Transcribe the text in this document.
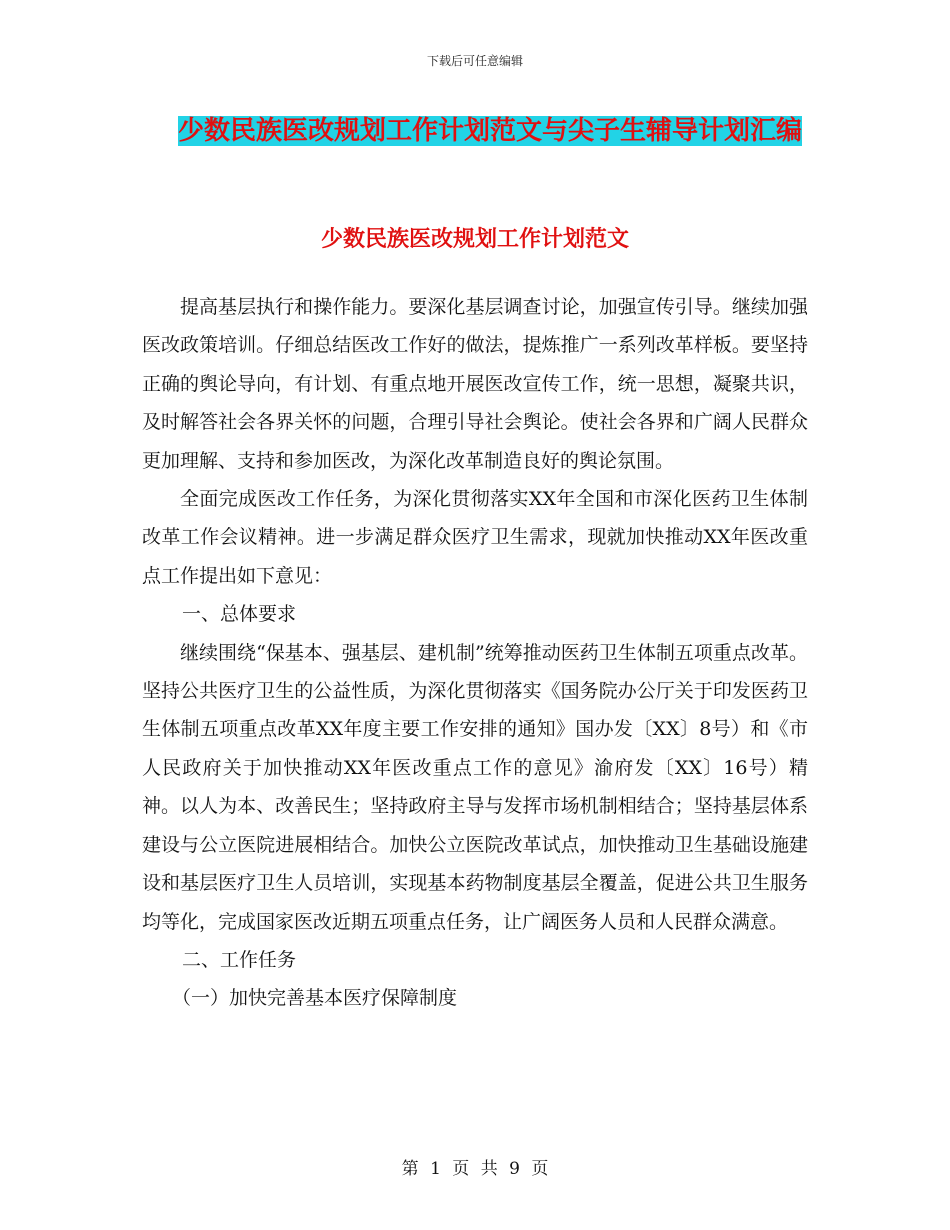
下载后可任意编辑
少数民族医改规划工作计划范文与尖子生辅导计划汇编
少数民族医改规划工作计划范文

提高基层执行和操作能力。要深化基层调查讨论，加强宣传引导。继续加强医改政策培训。仔细总结医改工作好的做法，提炼推广一系列改革样板。要坚持正确的舆论导向，有计划、有重点地开展医改宣传工作，统一思想，凝聚共识，及时解答社会各界关怀的问题，合理引导社会舆论。使社会各界和广阔人民群众更加理解、支持和参加医改，为深化改革制造良好的舆论氛围。

全面完成医改工作任务，为深化贯彻落实XX年全国和市深化医药卫生体制改革工作会议精神。进一步满足群众医疗卫生需求，现就加快推动XX年医改重点工作提出如下意见：

一、总体要求

继续围绕“保基本、强基层、建机制”统筹推动医药卫生体制五项重点改革。坚持公共医疗卫生的公益性质，为深化贯彻落实《国务院办公厅关于印发医药卫生体制五项重点改革XX年度主要工作安排的通知》国办发〔XX〕8号）和《市人民政府关于加快推动XX年医改重点工作的意见》渝府发〔XX〕16号）精神。以人为本、改善民生；坚持政府主导与发挥市场机制相结合；坚持基层体系建设与公立医院进展相结合。加快公立医院改革试点，加快推动卫生基础设施建设和基层医疗卫生人员培训，实现基本药物制度基层全覆盖，促进公共卫生服务均等化，完成国家医改近期五项重点任务，让广阔医务人员和人民群众满意。

二、工作任务

（一）加快完善基本医疗保障制度

第 1 页 共 9 页
